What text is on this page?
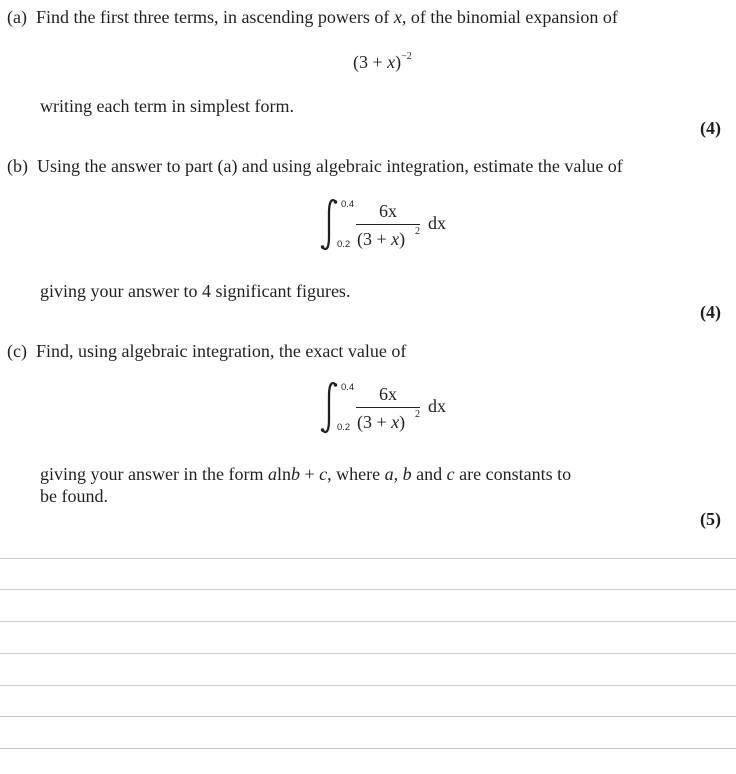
(a) Find the first three terms, in ascending powers of x, of the binomial expansion of
$(3 + x)^{-2}$
writing each term in simplest form.
(4)
(b) Using the answer to part (a) and using algebraic integration, estimate the value of
0.4
0.2
6x
(3 + x) 2 dx
giving your answer to 4 significant figures.
(4)
(c) Find, using algebraic integration, the exact value of
0.4
0.2
6x
(3 + x) 2 dx
giving your answer in the form alnb + c, where a, b and c are constants to
be found.
(5)
